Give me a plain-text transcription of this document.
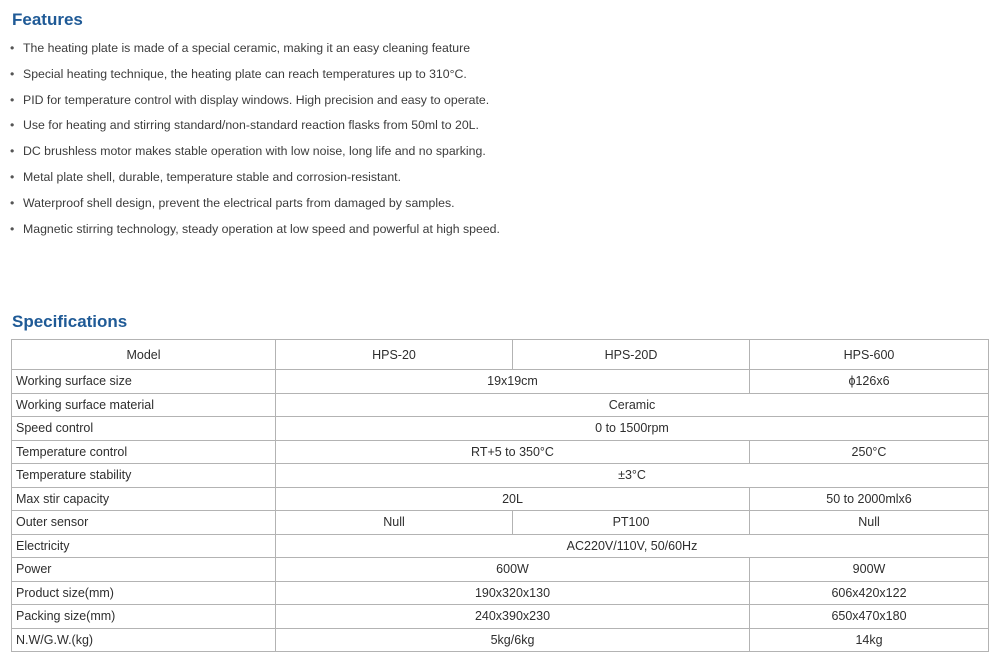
Features
• The heating plate is made of a special ceramic, making it an easy cleaning feature
• Special heating technique, the heating plate can reach temperatures up to 310°C.
• PID for temperature control with display windows. High precision and easy to operate.
• Use for heating and stirring standard/non-standard reaction flasks from 50ml to 20L.
• DC brushless motor makes stable operation with low noise, long life and no sparking.
• Metal plate shell, durable, temperature stable and corrosion-resistant.
• Waterproof shell design, prevent the electrical parts from damaged by samples.
• Magnetic stirring technology, steady operation at low speed and powerful at high speed.
Specifications
Model	HPS-20	HPS-20D	HPS-600
Working surface size	19x19cm		ϕ126x6
Working surface material	Ceramic		
Speed control	0 to 1500rpm		
Temperature control	RT+5 to 350°C		250°C
Temperature stability	±3°C		
Max stir capacity	20L		50 to 2000mlx6
Outer sensor	Null	PT100	Null
Electricity	AC220V/110V, 50/60Hz		
Power	600W		900W
Product size(mm)	190x320x130		606x420x122
Packing size(mm)	240x390x230		650x470x180
N.W/G.W.(kg)	5kg/6kg		14kg
